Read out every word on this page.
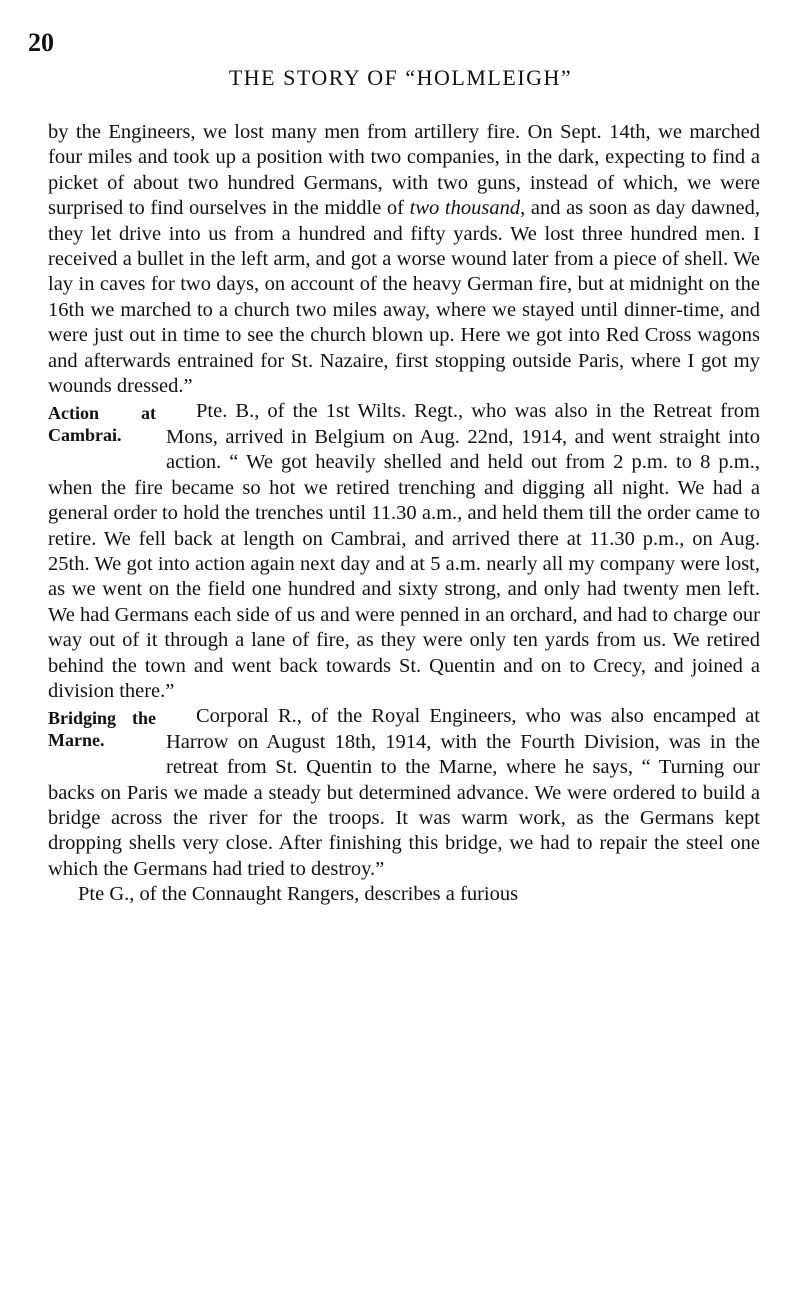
20
THE STORY OF “HOLMLEIGH”

by the Engineers, we lost many men from artillery fire. On Sept. 14th, we marched four miles and took up a position with two companies, in the dark, expecting to find a picket of about two hundred Germans, with two guns, instead of which, we were surprised to find ourselves in the middle of two thousand, and as soon as day dawned, they let drive into us from a hundred and fifty yards. We lost three hundred men. I received a bullet in the left arm, and got a worse wound later from a piece of shell. We lay in caves for two days, on account of the heavy German fire, but at midnight on the 16th we marched to a church two miles away, where we stayed until dinner-time, and were just out in time to see the church blown up. Here we got into Red Cross wagons and afterwards entrained for St. Nazaire, first stopping outside Paris, where I got my wounds dressed.”

Action at Cambrai.
Pte. B., of the 1st Wilts. Regt., who was also in the Retreat from Mons, arrived in Belgium on Aug. 22nd, 1914, and went straight into action. “ We got heavily shelled and held out from 2 p.m. to 8 p.m., when the fire became so hot we retired trenching and digging all night. We had a general order to hold the trenches until 11.30 a.m., and held them till the order came to retire. We fell back at length on Cambrai, and arrived there at 11.30 p.m., on Aug. 25th. We got into action again next day and at 5 a.m. nearly all my company were lost, as we went on the field one hundred and sixty strong, and only had twenty men left. We had Germans each side of us and were penned in an orchard, and had to charge our way out of it through a lane of fire, as they were only ten yards from us. We retired behind the town and went back towards St. Quentin and on to Crecy, and joined a division there.”

Bridging the Marne.
Corporal R., of the Royal Engineers, who was also encamped at Harrow on August 18th, 1914, with the Fourth Division, was in the retreat from St. Quentin to the Marne, where he says, “ Turning our backs on Paris we made a steady but determined advance. We were ordered to build a bridge across the river for the troops. It was warm work, as the Germans kept dropping shells very close. After finishing this bridge, we had to repair the steel one which the Germans had tried to destroy.”

Pte G., of the Connaught Rangers, describes a furious
